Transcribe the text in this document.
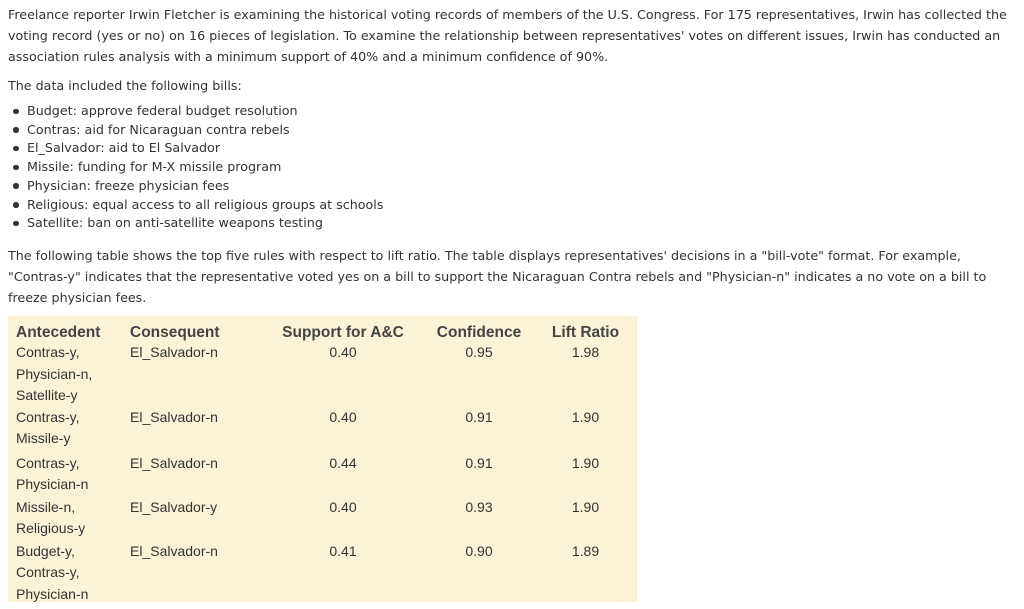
Freelance reporter Irwin Fletcher is examining the historical voting records of members of the U.S. Congress. For 175 representatives, Irwin has collected the voting record (yes or no) on 16 pieces of legislation. To examine the relationship between representatives' votes on different issues, Irwin has conducted an association rules analysis with a minimum support of 40% and a minimum confidence of 90%.

The data included the following bills:

Budget: approve federal budget resolution
Contras: aid for Nicaraguan contra rebels
El_Salvador: aid to El Salvador
Missile: funding for M-X missile program
Physician: freeze physician fees
Religious: equal access to all religious groups at schools
Satellite: ban on anti-satellite weapons testing

The following table shows the top five rules with respect to lift ratio. The table displays representatives' decisions in a "bill-vote" format. For example, "Contras-y" indicates that the representative voted yes on a bill to support the Nicaraguan Contra rebels and "Physician-n" indicates a no vote on a bill to freeze physician fees.

Antecedent	Consequent	Support for A&C	Confidence	Lift Ratio

Contras-y,
Physician-n,
Satellite-y	El_Salvador-n	0.40	0.95	1.98

Contras-y,
Missile-y	El_Salvador-n	0.40	0.91	1.90

Contras-y,
Physician-n	El_Salvador-n	0.44	0.91	1.90

Missile-n,
Religious-y	El_Salvador-y	0.40	0.93	1.90

Budget-y,
Contras-y,
Physician-n	El_Salvador-n	0.41	0.90	1.89
